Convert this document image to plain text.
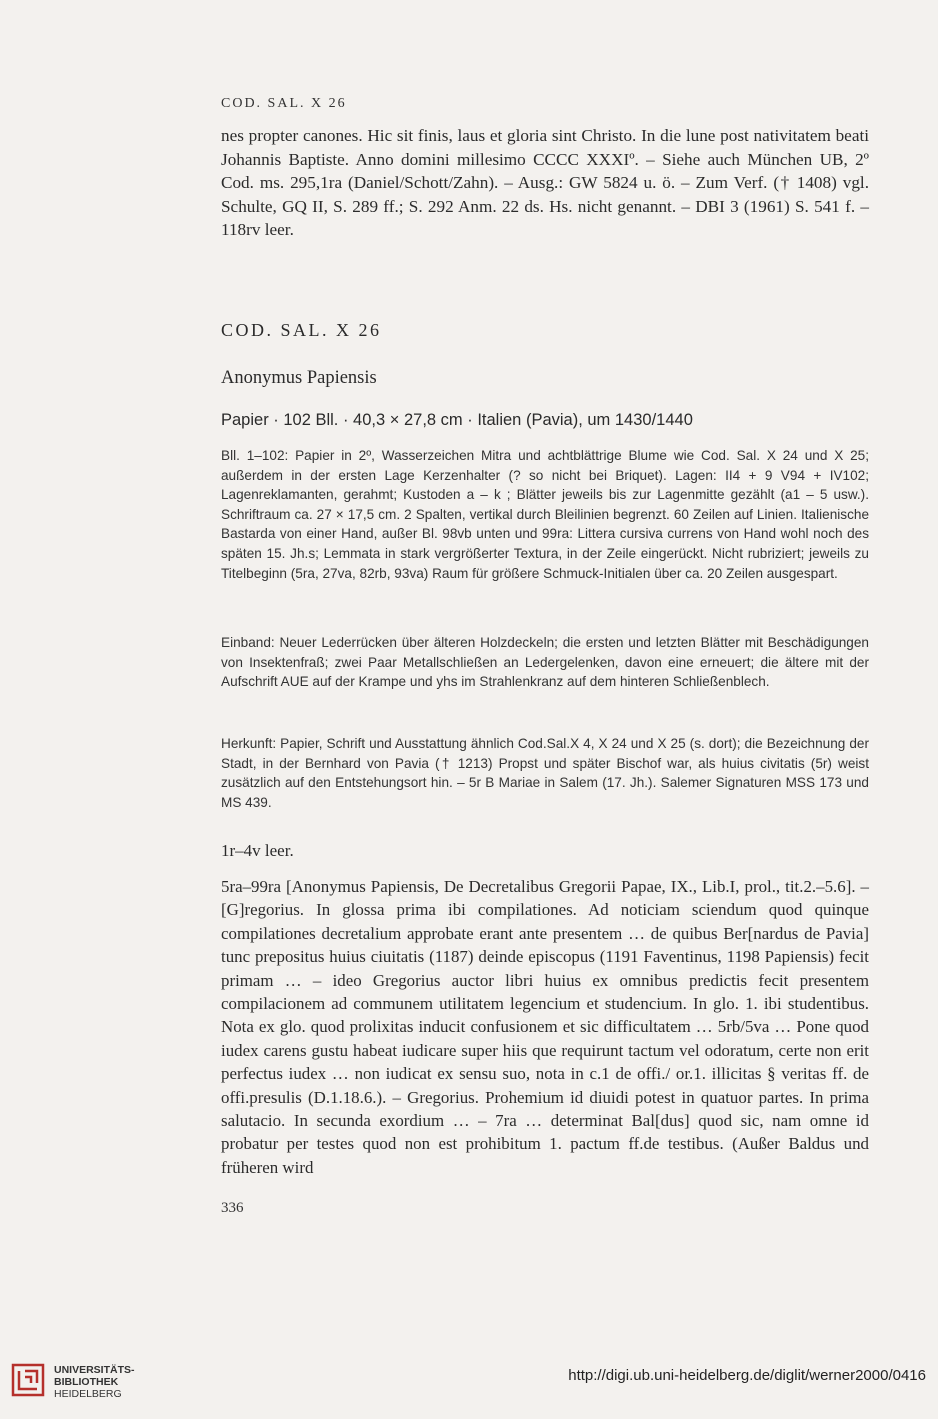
COD. SAL. X 26

nes propter canones. Hic sit finis, laus et gloria sint Christo. In die lune post nativitatem beati Johannis Baptiste. Anno domini millesimo CCCC XXXIº. – Siehe auch München UB, 2º Cod. ms. 295,1ra (Daniel/Schott/Zahn). – Ausg.: GW 5824 u. ö. – Zum Verf. († 1408) vgl. Schulte, GQ II, S. 289 ff.; S. 292 Anm. 22 ds. Hs. nicht genannt. – DBI 3 (1961) S. 541 f. – 118rv leer.

COD. SAL. X 26
Anonymus Papiensis
Papier · 102 Bll. · 40,3 × 27,8 cm · Italien (Pavia), um 1430/1440

Bll. 1–102: Papier in 2º, Wasserzeichen Mitra und achtblättrige Blume wie Cod. Sal. X 24 und X 25; außerdem in der ersten Lage Kerzenhalter (? so nicht bei Briquet). Lagen: II4 + 9 V94 + IV102; Lagenreklamanten, gerahmt; Kustoden a – k ; Blätter jeweils bis zur Lagenmitte gezählt (a1 – 5 usw.). Schriftraum ca. 27 × 17,5 cm. 2 Spalten, vertikal durch Bleilinien begrenzt. 60 Zeilen auf Linien. Italienische Bastarda von einer Hand, außer Bl. 98vb unten und 99ra: Littera cursiva currens von Hand wohl noch des späten 15. Jh.s; Lemmata in stark vergrößerter Textura, in der Zeile eingerückt. Nicht rubriziert; jeweils zu Titelbeginn (5ra, 27va, 82rb, 93va) Raum für größere Schmuck-Initialen über ca. 20 Zeilen ausgespart.

Einband: Neuer Lederrücken über älteren Holzdeckeln; die ersten und letzten Blätter mit Beschädigungen von Insektenfraß; zwei Paar Metallschließen an Ledergelenken, davon eine erneuert; die ältere mit der Aufschrift AUE auf der Krampe und yhs im Strahlenkranz auf dem hinteren Schließenblech.

Herkunft: Papier, Schrift und Ausstattung ähnlich Cod.Sal.X 4, X 24 und X 25 (s. dort); die Bezeichnung der Stadt, in der Bernhard von Pavia († 1213) Propst und später Bischof war, als huius civitatis (5r) weist zusätzlich auf den Entstehungsort hin. – 5r B Mariae in Salem (17. Jh.). Salemer Signaturen MSS 173 und MS 439.

1r–4v leer.

5ra–99ra [Anonymus Papiensis, De Decretalibus Gregorii Papae, IX., Lib.I, prol., tit.2.–5.6]. – [G]regorius. In glossa prima ibi compilationes. Ad noticiam sciendum quod quinque compilationes decretalium approbate erant ante presentem … de quibus Ber[nardus de Pavia] tunc prepositus huius ciuitatis (1187) deinde episcopus (1191 Faventinus, 1198 Papiensis) fecit primam … – ideo Gregorius auctor libri huius ex omnibus predictis fecit presentem compilacionem ad communem utilitatem legencium et studencium. In glo. 1. ibi studentibus. Nota ex glo. quod prolixitas inducit confusionem et sic difficultatem … 5rb/5va … Pone quod iudex carens gustu habeat iudicare super hiis que requirunt tactum vel odoratum, certe non erit perfectus iudex … non iudicat ex sensu suo, nota in c.1 de offi./ or.1. illicitas § veritas ff. de offi.presulis (D.1.18.6.). – Gregorius. Prohemium id diuidi potest in quatuor partes. In prima salutacio. In secunda exordium … – 7ra … determinat Bal[dus] quod sic, nam omne id probatur per testes quod non est prohibitum 1. pactum ff.de testibus. (Außer Baldus und früheren wird

336
UNIVERSITÄTS-
BIBLIOTHEK
HEIDELBERG
http://digi.ub.uni-heidelberg.de/diglit/werner2000/0416
